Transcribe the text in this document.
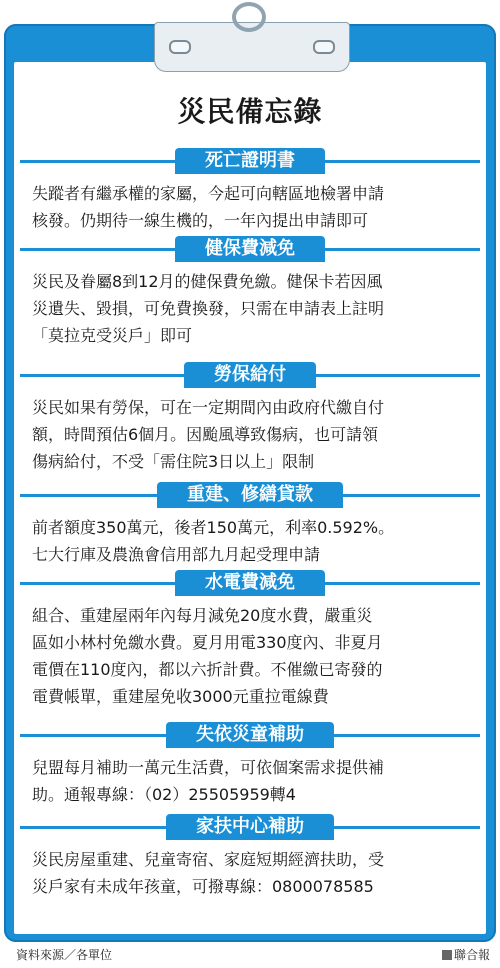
災民備忘錄
死亡證明書
失蹤者有繼承權的家屬，今起可向轄區地檢署申請
核發。仍期待一線生機的，一年內提出申請即可
健保費減免
災民及眷屬8到12月的健保費免繳。健保卡若因風
災遺失、毀損，可免費換發，只需在申請表上註明
「莫拉克受災戶」即可
勞保給付
災民如果有勞保，可在一定期間內由政府代繳自付
額，時間預估6個月。因颱風導致傷病，也可請領
傷病給付，不受「需住院3日以上」限制
重建、修繕貸款
前者額度350萬元，後者150萬元，利率0.592%。
七大行庫及農漁會信用部九月起受理申請
水電費減免
組合、重建屋兩年內每月減免20度水費，嚴重災
區如小林村免繳水費。夏月用電330度內、非夏月
電價在110度內，都以六折計費。不催繳已寄發的
電費帳單，重建屋免收3000元重拉電線費
失依災童補助
兒盟每月補助一萬元生活費，可依個案需求提供補
助。通報專線：（02）25505959轉4
家扶中心補助
災民房屋重建、兒童寄宿、家庭短期經濟扶助，受
災戶家有未成年孩童，可撥專線：0800078585
資料來源／各單位	聯合報
